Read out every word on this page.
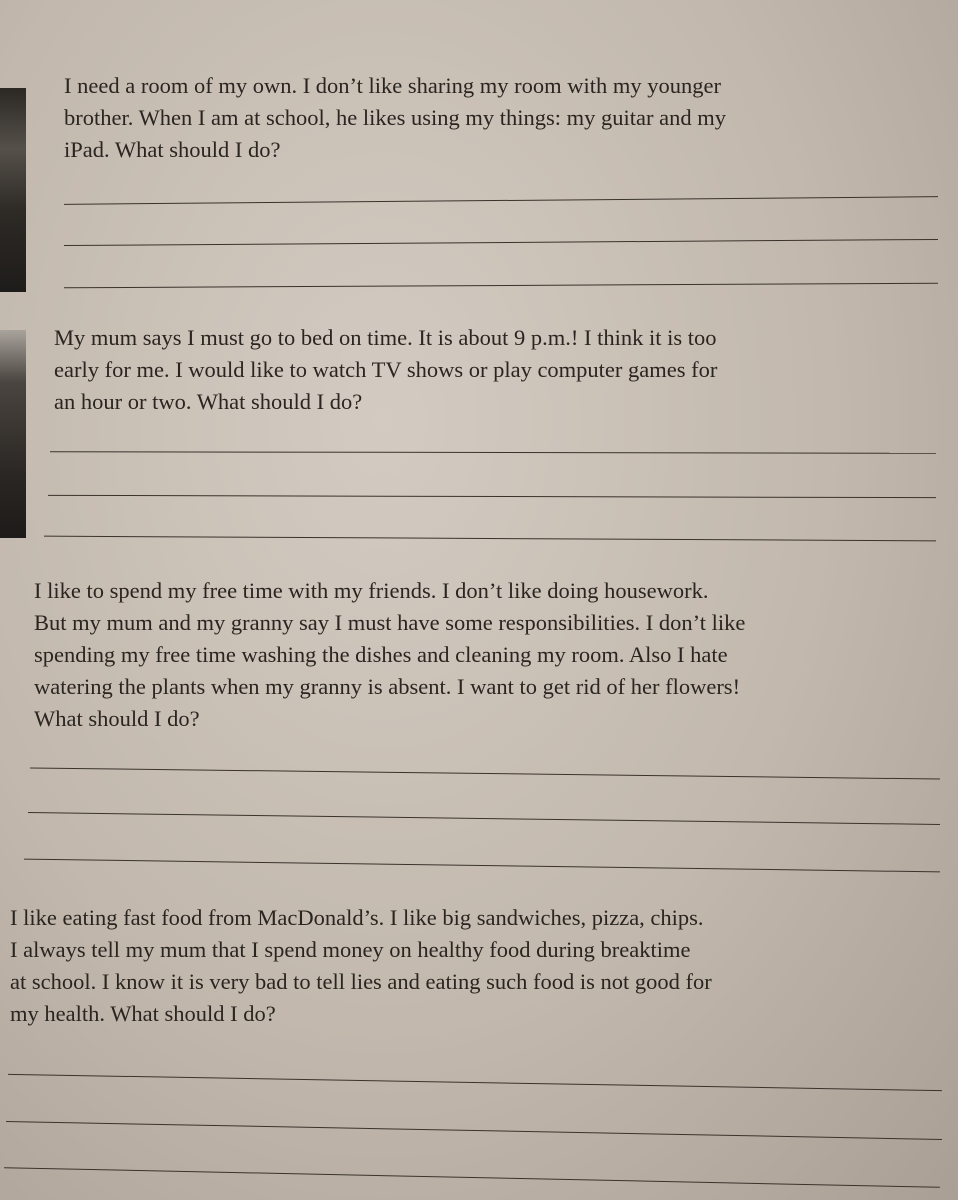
I need a room of my own. I don’t like sharing my room with my younger
brother. When I am at school, he likes using my things: my guitar and my
iPad. What should I do?

My mum says I must go to bed on time. It is about 9 p.m.! I think it is too
early for me. I would like to watch TV shows or play computer games for
an hour or two. What should I do?

I like to spend my free time with my friends. I don’t like doing housework.
But my mum and my granny say I must have some responsibilities. I don’t like
spending my free time washing the dishes and cleaning my room. Also I hate
watering the plants when my granny is absent. I want to get rid of her flowers!
What should I do?

I like eating fast food from MacDonald’s. I like big sandwiches, pizza, chips.
I always tell my mum that I spend money on healthy food during breaktime
at school. I know it is very bad to tell lies and eating such food is not good for
my health. What should I do?
